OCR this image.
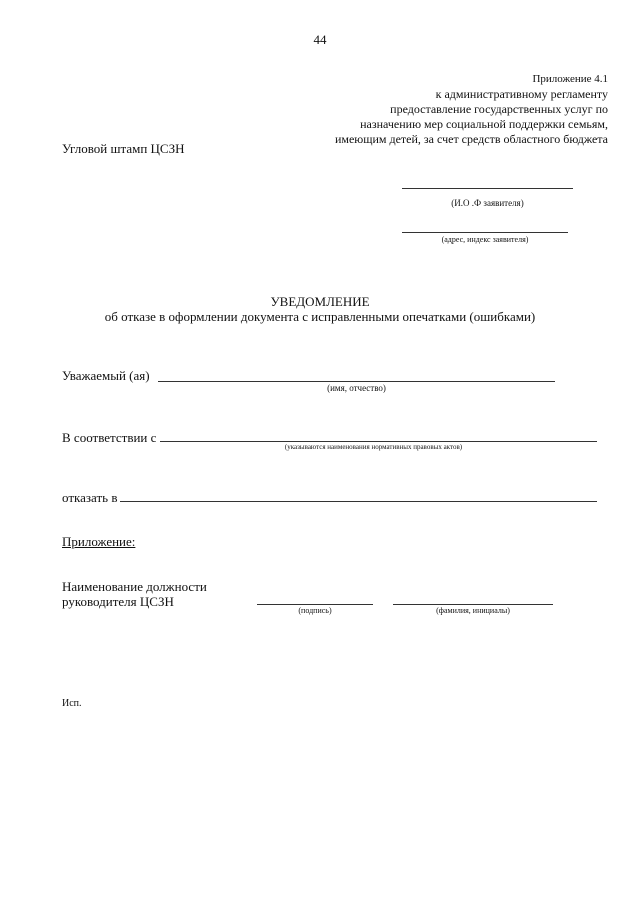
44
Приложение 4.1
к административному регламенту
предоставление государственных услуг по
назначению мер социальной поддержки семьям,
имеющим детей, за счет средств областного бюджета
Угловой штамп ЦСЗН
(И.О .Ф заявителя)
(адрес, индекс заявителя)
УВЕДОМЛЕНИЕ
об отказе в оформлении документа с исправленными опечатками (ошибками)
Уважаемый (ая)
(имя, отчество)
В соответствии с
(указываются наименования нормативных правовых актов)
отказать в
Приложение:
Наименование должности
руководителя ЦСЗН
(подпись)	(фамилия, инициалы)
Исп.
